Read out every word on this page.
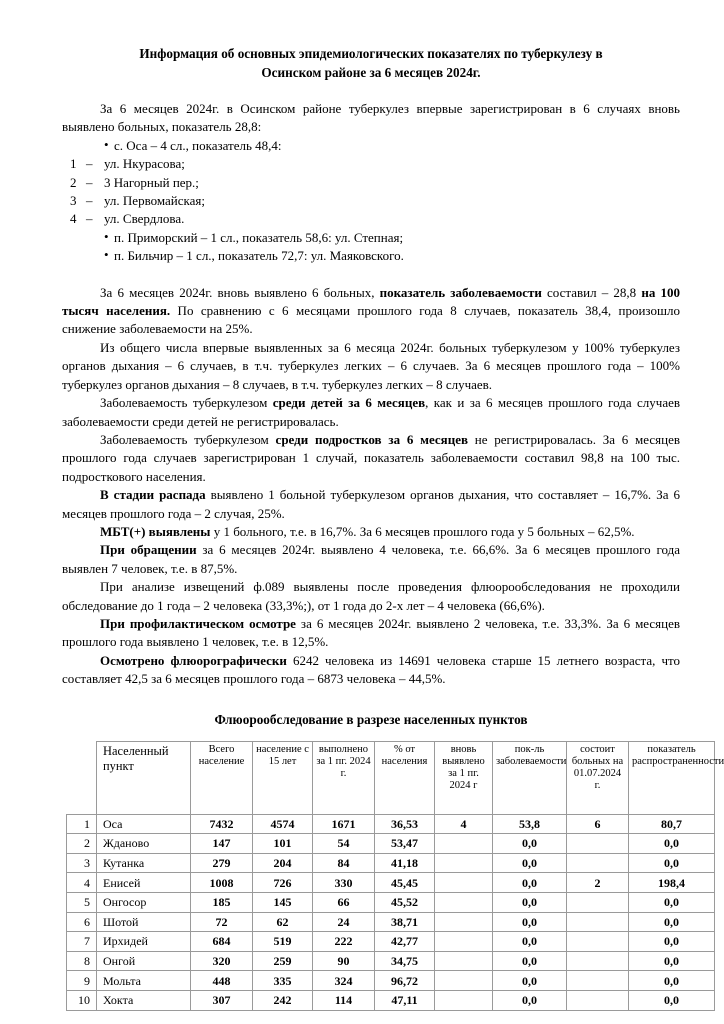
Информация об основных эпидемиологических показателях по туберкулезу в
Осинском районе за 6 месяцев 2024г.

За 6 месяцев 2024г. в Осинском районе туберкулез впервые зарегистрирован в 6 случаях вновь выявлено больных, показатель 28,8:

• с. Оса – 4 сл., показатель 48,4:
1 – ул. Нкурасова;
2 – 3 Нагорный пер.;
3 – ул. Первомайская;
4 – ул. Свердлова.
• п. Приморский – 1 сл., показатель 58,6: ул. Степная;
• п. Бильчир – 1 сл., показатель 72,7: ул. Маяковского.

За 6 месяцев 2024г. вновь выявлено 6 больных, показатель заболеваемости составил – 28,8 на 100 тысяч населения. По сравнению с 6 месяцами прошлого года 8 случаев, показатель 38,4, произошло снижение заболеваемости на 25%.

Из общего числа впервые выявленных за 6 месяца 2024г. больных туберкулезом у 100% туберкулез органов дыхания – 6 случаев, в т.ч. туберкулез легких – 6 случаев. За 6 месяцев прошлого года – 100% туберкулез органов дыхания – 8 случаев, в т.ч. туберкулез легких – 8 случаев.

Заболеваемость туберкулезом среди детей за 6 месяцев, как и за 6 месяцев прошлого года случаев заболеваемости среди детей не регистрировалась.

Заболеваемость туберкулезом среди подростков за 6 месяцев не регистрировалась. За 6 месяцев прошлого года случаев зарегистрирован 1 случай, показатель заболеваемости составил 98,8 на 100 тыс. подросткового населения.

В стадии распада выявлено 1 больной туберкулезом органов дыхания, что составляет – 16,7%. За 6 месяцев прошлого года – 2 случая, 25%.

МБТ(+) выявлены у 1 больного, т.е. в 16,7%. За 6 месяцев прошлого года у 5 больных – 62,5%.

При обращении за 6 месяцев 2024г. выявлено 4 человека, т.е. 66,6%. За 6 месяцев прошлого года выявлен 7 человек, т.е. в 87,5%.

При анализе извещений ф.089 выявлены после проведения флюорообследования не проходили обследование до 1 года – 2 человека (33,3%;), от 1 года до 2-х лет – 4 человека (66,6%).

При профилактическом осмотре за 6 месяцев 2024г. выявлено 2 человека, т.е. 33,3%. За 6 месяцев прошлого года выявлено 1 человек, т.е. в 12,5%.

Осмотрено флюорографически 6242 человека из 14691 человека старше 15 летнего возраста, что составляет 42,5 за 6 месяцев прошлого года – 6873 человека – 44,5%.

Флюорообследование в разрезе населенных пунктов
	Населенный пункт	Всего население	население с 15 лет	выполнено за 1 пг. 2024 г.	% от населения	вновь выявлено за 1 пг. 2024 г	пок-ль заболеваемости	состоит больных на 01.07.2024 г.	показатель распространенности
1	Оса	7432	4574	1671	36,53	4	53,8	6	80,7
2	Жданово	147	101	54	53,47		0,0		0,0
3	Кутанка	279	204	84	41,18		0,0		0,0
4	Енисей	1008	726	330	45,45		0,0	2	198,4
5	Онгосор	185	145	66	45,52		0,0		0,0
6	Шотой	72	62	24	38,71		0,0		0,0
7	Ирхидей	684	519	222	42,77		0,0		0,0
8	Онгой	320	259	90	34,75		0,0		0,0
9	Мольта	448	335	324	96,72		0,0		0,0
10	Хокта	307	242	114	47,11		0,0		0,0
